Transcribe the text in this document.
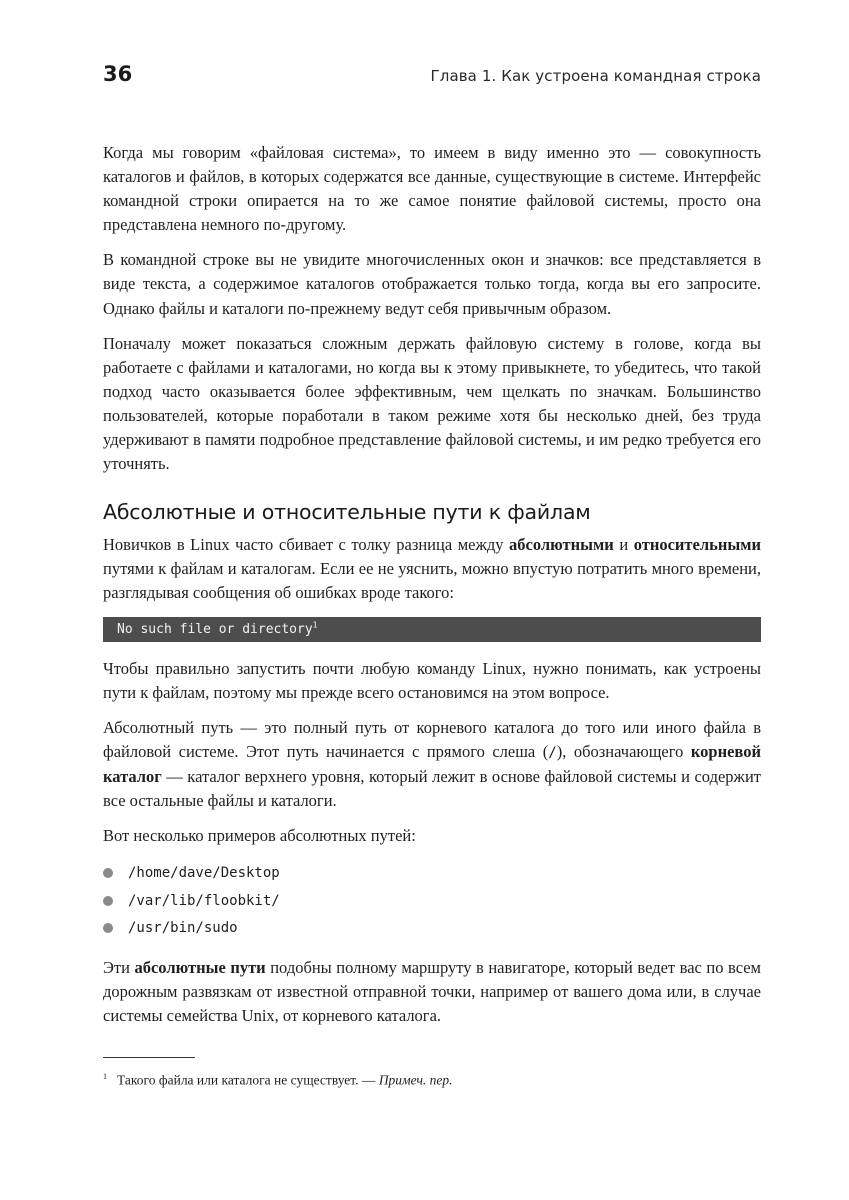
36	Глава 1. Как устроена командная строка

Когда мы говорим «файловая система», то имеем в виду именно это — совокупность каталогов и файлов, в которых содержатся все данные, существующие в системе. Интерфейс командной строки опирается на то же самое понятие файловой системы, просто она представлена немного по-другому.

В командной строке вы не увидите многочисленных окон и значков: все представляется в виде текста, а содержимое каталогов отображается только тогда, когда вы его запросите. Однако файлы и каталоги по-прежнему ведут себя привычным образом.

Поначалу может показаться сложным держать файловую систему в голове, когда вы работаете с файлами и каталогами, но когда вы к этому привыкнете, то убедитесь, что такой подход часто оказывается более эффективным, чем щелкать по значкам. Большинство пользователей, которые поработали в таком режиме хотя бы несколько дней, без труда удерживают в памяти подробное представление файловой системы, и им редко требуется его уточнять.

Абсолютные и относительные пути к файлам

Новичков в Linux часто сбивает с толку разница между абсолютными и относительными путями к файлам и каталогам. Если ее не уяснить, можно впустую потратить много времени, разглядывая сообщения об ошибках вроде такого:

No such file or directory$^1$

Чтобы правильно запустить почти любую команду Linux, нужно понимать, как устроены пути к файлам, поэтому мы прежде всего остановимся на этом вопросе.

Абсолютный путь — это полный путь от корневого каталога до того или иного файла в файловой системе. Этот путь начинается с прямого слеша (/), обозначающего корневой каталог — каталог верхнего уровня, который лежит в основе файловой системы и содержит все остальные файлы и каталоги.

Вот несколько примеров абсолютных путей:

/home/dave/Desktop
/var/lib/floobkit/
/usr/bin/sudo

Эти абсолютные пути подобны полному маршруту в навигаторе, который ведет вас по всем дорожным развязкам от известной отправной точки, например от вашего дома или, в случае системы семейства Unix, от корневого каталога.

$^1$ Такого файла или каталога не существует. — Примеч. пер.
